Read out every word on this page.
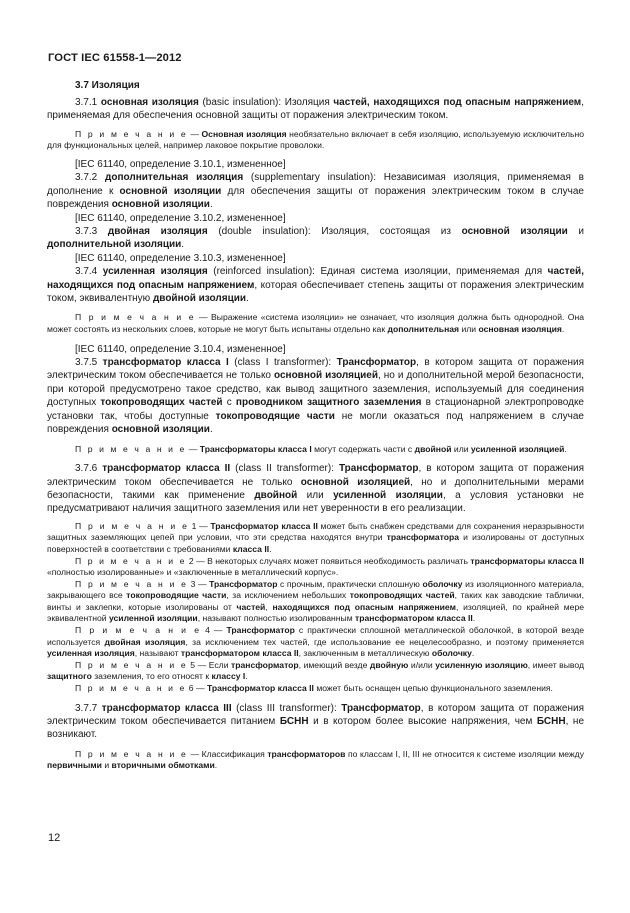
ГОСТ IEC 61558-1—2012
3.7 Изоляция

3.7.1 основная изоляция (basic insulation): Изоляция частей, находящихся под опасным напряжением, применяемая для обеспечения основной защиты от поражения электрическим током.

П р и м е ч а н и е — Основная изоляция необязательно включает в себя изоляцию, используемую исключительно для функциональных целей, например лаковое покрытие проволоки.

[IEC 61140, определение 3.10.1, измененное]

3.7.2 дополнительная изоляция (supplementary insulation): Независимая изоляция, применяемая в дополнение к основной изоляции для обеспечения защиты от поражения электрическим током в случае повреждения основной изоляции.

[IEC 61140, определение 3.10.2, измененное]

3.7.3 двойная изоляция (double insulation): Изоляция, состоящая из основной изоляции и дополнительной изоляции.

[IEC 61140, определение 3.10.3, измененное]

3.7.4 усиленная изоляция (reinforced insulation): Единая система изоляции, применяемая для частей, находящихся под опасным напряжением, которая обеспечивает степень защиты от поражения электрическим током, эквивалентную двойной изоляции.

П р и м е ч а н и е — Выражение «система изоляции» не означает, что изоляция должна быть однородной. Она может состоять из нескольких слоев, которые не могут быть испытаны отдельно как дополнительная или основная изоляция.

[IEC 61140, определение 3.10.4, измененное]

3.7.5 трансформатор класса I (class I transformer): Трансформатор, в котором защита от поражения электрическим током обеспечивается не только основной изоляцией, но и дополнительной мерой безопасности, при которой предусмотрено такое средство, как вывод защитного заземления, используемый для соединения доступных токопроводящих частей с проводником защитного заземления в стационарной электропроводке установки так, чтобы доступные токопроводящие части не могли оказаться под напряжением в случае повреждения основной изоляции.

П р и м е ч а н и е — Трансформаторы класса I могут содержать части с двойной или усиленной изоляцией.

3.7.6 трансформатор класса II (class II transformer): Трансформатор, в котором защита от поражения электрическим током обеспечивается не только основной изоляцией, но и дополнительными мерами безопасности, такими как применение двойной или усиленной изоляции, а условия установки не предусматривают наличия защитного заземления или нет уверенности в его реализации.

П р и м е ч а н и е 1 — Трансформатор класса II может быть снабжен средствами для сохранения неразрывности защитных заземляющих цепей при условии, что эти средства находятся внутри трансформатора и изолированы от доступных поверхностей в соответствии с требованиями класса II.

П р и м е ч а н и е 2 — В некоторых случаях может появиться необходимость различать трансформаторы класса II «полностью изолированные» и «заключенные в металлический корпус».

П р и м е ч а н и е 3 — Трансформатор с прочным, практически сплошную оболочку из изоляционного материала, закрывающего все токопроводящие части, за исключением небольших токопроводящих частей, таких как заводские таблички, винты и заклепки, которые изолированы от частей, находящихся под опасным напряжением, изоляцией, по крайней мере эквивалентной усиленной изоляции, называют полностью изолированным трансформатором класса II.

П р и м е ч а н и е 4 — Трансформатор с практически сплошной металлической оболочкой, в которой везде используется двойная изоляция, за исключением тех частей, где использование ее нецелесообразно, и поэтому применяется усиленная изоляция, называют трансформатором класса II, заключенным в металлическую оболочку.

П р и м е ч а н и е 5 — Если трансформатор, имеющий везде двойную и/или усиленную изоляцию, имеет вывод защитного заземления, то его относят к классу I.

П р и м е ч а н и е 6 — Трансформатор класса II может быть оснащен цепью функционального заземления.

3.7.7 трансформатор класса III (class III transformer): Трансформатор, в котором защита от поражения электрическим током обеспечивается питанием БСНН и в котором более высокие напряжения, чем БСНН, не возникают.

П р и м е ч а н и е — Классификация трансформаторов по классам I, II, III не относится к системе изоляции между первичными и вторичными обмотками.

12
